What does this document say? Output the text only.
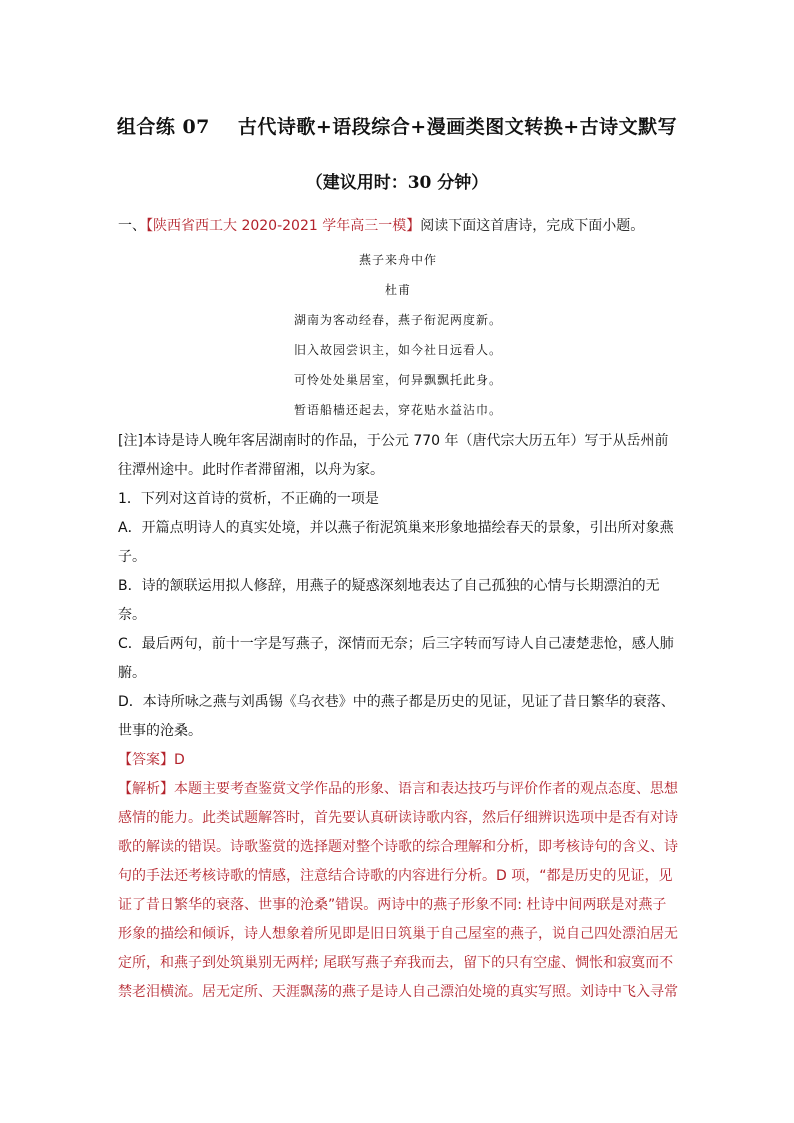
组合练 07 古代诗歌+语段综合+漫画类图文转换+古诗文默写
（建议用时：30 分钟）

一、【陕西省西工大 2020-2021 学年高三一模】阅读下面这首唐诗，完成下面小题。

燕子来舟中作
杜甫
湖南为客动经春，燕子衔泥两度新。
旧入故园尝识主，如今社日远看人。
可怜处处巢居室，何异飘飘托此身。
暂语船樯还起去，穿花贴水益沾巾。

[注]本诗是诗人晚年客居湖南时的作品，于公元 770 年（唐代宗大历五年）写于从岳州前往潭州途中。此时作者滞留湘，以舟为家。

1．下列对这首诗的赏析，不正确的一项是

A．开篇点明诗人的真实处境，并以燕子衔泥筑巢来形象地描绘春天的景象，引出所对象燕子。

B．诗的颔联运用拟人修辞，用燕子的疑惑深刻地表达了自己孤独的心情与长期漂泊的无奈。

C．最后两句，前十一字是写燕子，深情而无奈；后三字转而写诗人自己凄楚悲怆，感人肺腑。

D．本诗所咏之燕与刘禹锡《乌衣巷》中的燕子都是历史的见证，见证了昔日繁华的衰落、世事的沧桑。

【答案】D

【解析】本题主要考查鉴赏文学作品的形象、语言和表达技巧与评价作者的观点态度、思想感情的能力。此类试题解答时，首先要认真研读诗歌内容，然后仔细辨识选项中是否有对诗歌的解读的错误。诗歌鉴赏的选择题对整个诗歌的综合理解和分析，即考核诗句的含义、诗句的手法还考核诗歌的情感，注意结合诗歌的内容进行分析。D 项，“都是历史的见证，见证了昔日繁华的衰落、世事的沧桑”错误。两诗中的燕子形象不同: 杜诗中间两联是对燕子形象的描绘和倾诉，诗人想象着所见即是旧日筑巢于自己屋室的燕子，说自己四处漂泊居无定所，和燕子到处筑巢别无两样; 尾联写燕子弃我而去，留下的只有空虚、惆怅和寂寞而不禁老泪横流。居无定所、天涯飘荡的燕子是诗人自己漂泊处境的真实写照。刘诗中飞入寻常
